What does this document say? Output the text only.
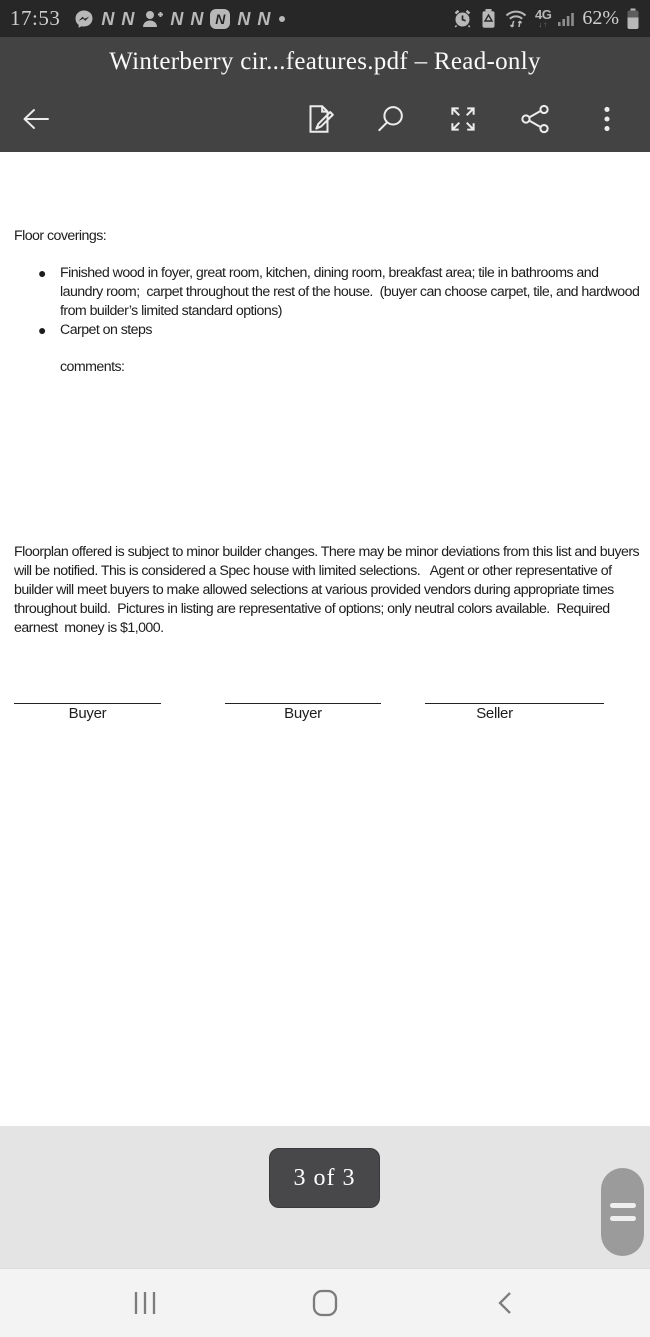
17:53 N N N N N N N	4G
↓↑ 62%
Winterberry cir...features.pdf – Read-only
Floor coverings:
● Finished wood in foyer, great room, kitchen, dining room, breakfast area; tile in bathrooms and laundry room;  carpet throughout the rest of the house.  (buyer can choose carpet, tile, and hardwood from builder’s limited standard options)
● Carpet on steps
comments:
Floorplan offered is subject to minor builder changes. There may be minor deviations from this list and buyers will be notified. This is considered a Spec house with limited selections.   Agent or other representative of builder will meet buyers to make allowed selections at various provided vendors during appropriate times throughout build.  Pictures in listing are representative of options; only neutral colors available.  Required earnest  money is $1,000.
Buyer	Buyer	Seller
3 of 3
